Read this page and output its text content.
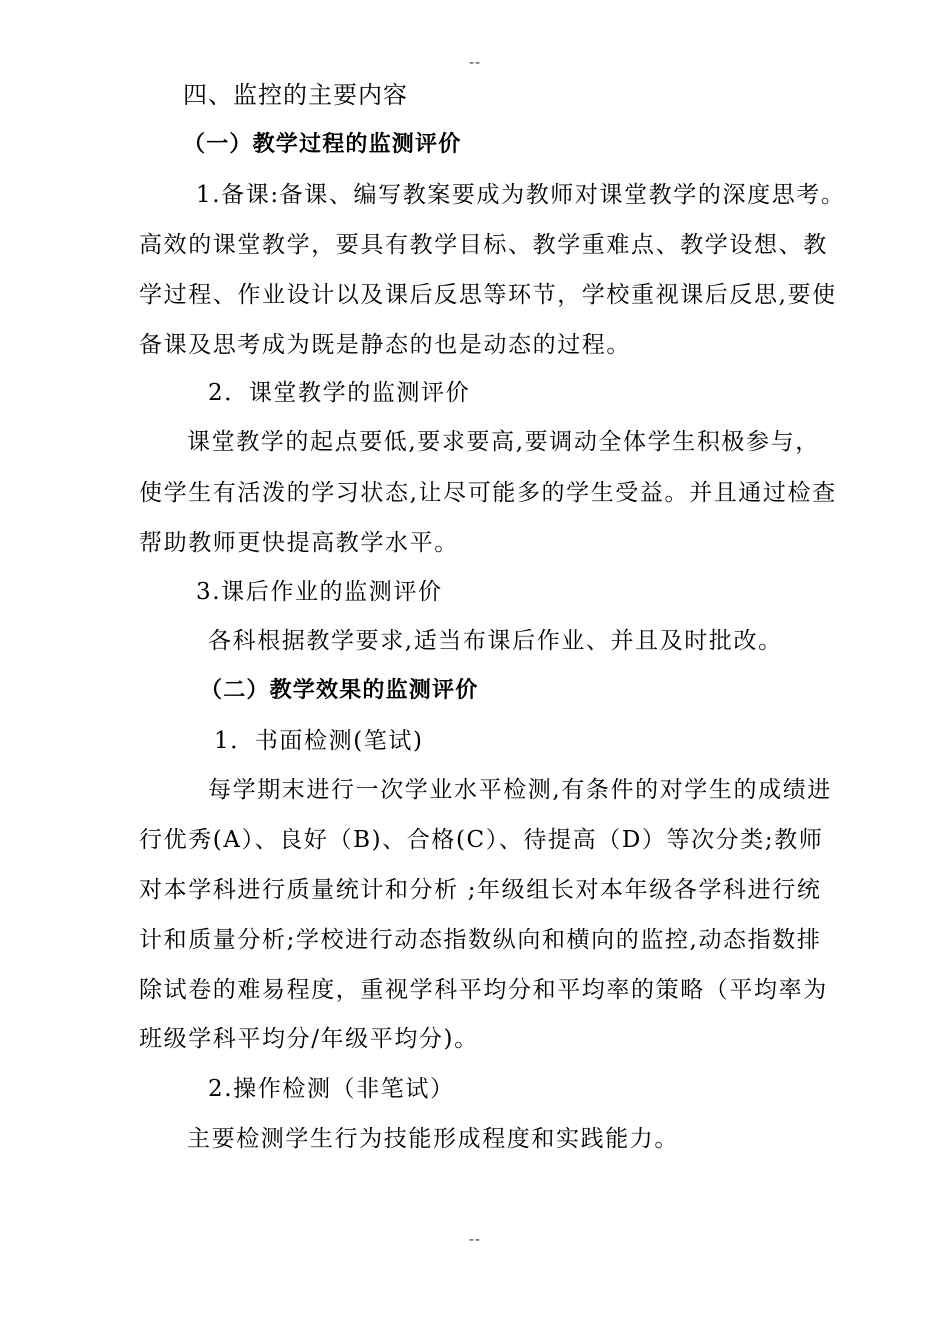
--
四、监控的主要内容
（一）教学过程的监测评价
1.备课:备课、编写教案要成为教师对课堂教学的深度思考。
高效的课堂教学，要具有教学目标、教学重难点、教学设想、教
学过程、作业设计以及课后反思等环节，学校重视课后反思,要使
备课及思考成为既是静态的也是动态的过程。
2．课堂教学的监测评价
课堂教学的起点要低,要求要高,要调动全体学生积极参与，
使学生有活泼的学习状态,让尽可能多的学生受益。并且通过检查
帮助教师更快提高教学水平。
3.课后作业的监测评价
各科根据教学要求,适当布课后作业、并且及时批改。
（二）教学效果的监测评价
1．书面检测(笔试)
每学期末进行一次学业水平检测,有条件的对学生的成绩进
行优秀(A）、良好（B)、合格(C）、待提高（D）等次分类;教师
对本学科进行质量统计和分析 ;年级组长对本年级各学科进行统
计和质量分析;学校进行动态指数纵向和横向的监控,动态指数排
除试卷的难易程度，重视学科平均分和平均率的策略（平均率为
班级学科平均分/年级平均分)。
2.操作检测（非笔试）
主要检测学生行为技能形成程度和实践能力。
--
